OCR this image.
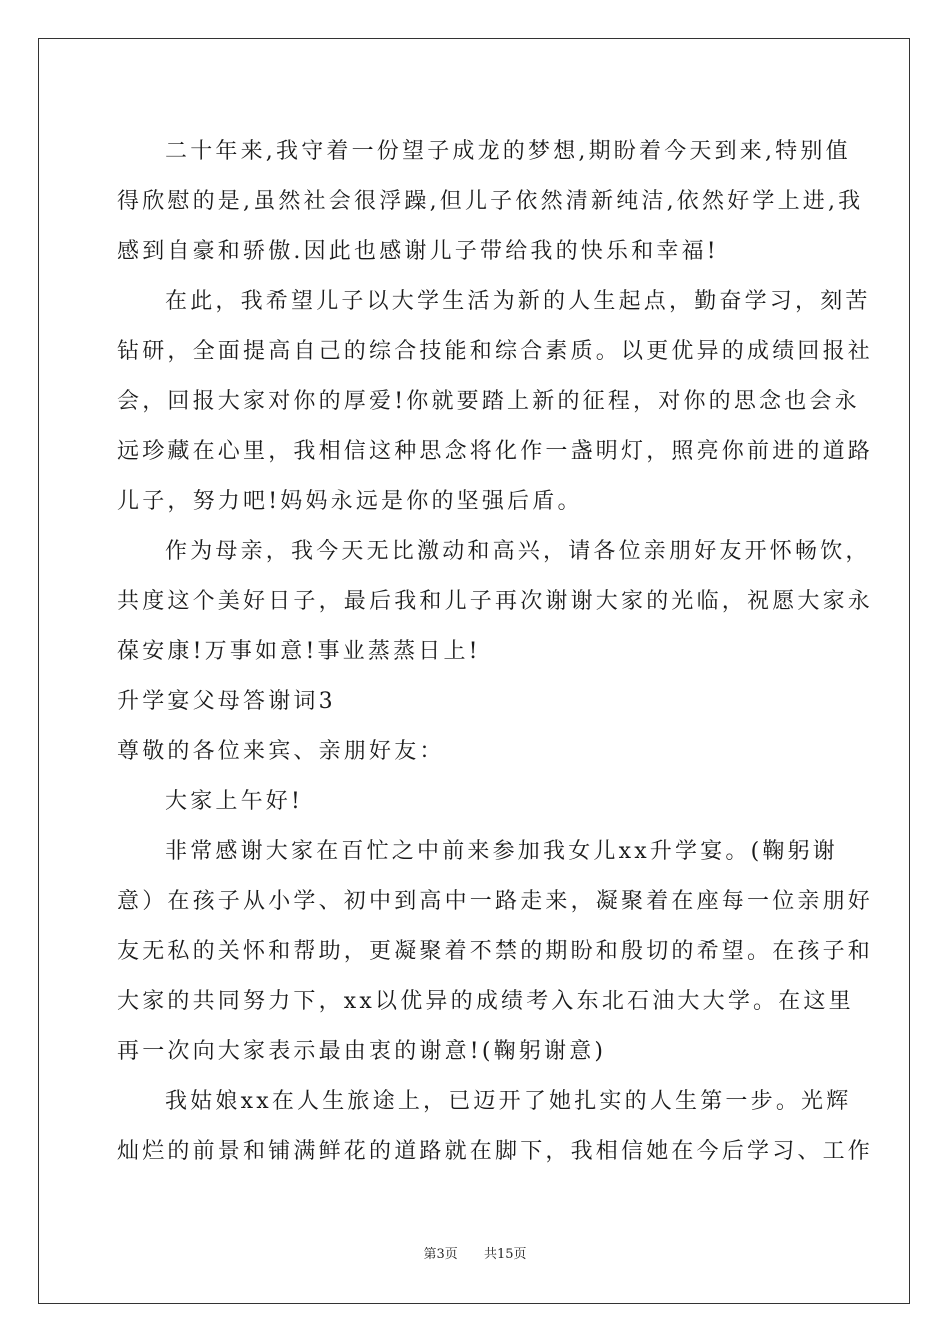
二十年来,我守着一份望子成龙的梦想,期盼着今天到来,特别值
得欣慰的是,虽然社会很浮躁,但儿子依然清新纯洁,依然好学上进,我
感到自豪和骄傲.因此也感谢儿子带给我的快乐和幸福!
在此，我希望儿子以大学生活为新的人生起点，勤奋学习，刻苦
钻研，全面提高自己的综合技能和综合素质。以更优异的成绩回报社
会，回报大家对你的厚爱!你就要踏上新的征程，对你的思念也会永
远珍藏在心里，我相信这种思念将化作一盏明灯，照亮你前进的道路
儿子，努力吧!妈妈永远是你的坚强后盾。
作为母亲，我今天无比激动和高兴，请各位亲朋好友开怀畅饮，
共度这个美好日子，最后我和儿子再次谢谢大家的光临，祝愿大家永
葆安康!万事如意!事业蒸蒸日上!
升学宴父母答谢词3
尊敬的各位来宾、亲朋好友：
大家上午好!
非常感谢大家在百忙之中前来参加我女儿xx升学宴。(鞠躬谢
意）在孩子从小学、初中到高中一路走来，凝聚着在座每一位亲朋好
友无私的关怀和帮助，更凝聚着不禁的期盼和殷切的希望。在孩子和
大家的共同努力下，xx以优异的成绩考入东北石油大大学。在这里
再一次向大家表示最由衷的谢意!(鞠躬谢意)
我姑娘xx在人生旅途上，已迈开了她扎实的人生第一步。光辉
灿烂的前景和铺满鲜花的道路就在脚下，我相信她在今后学习、工作
第3页 共15页
